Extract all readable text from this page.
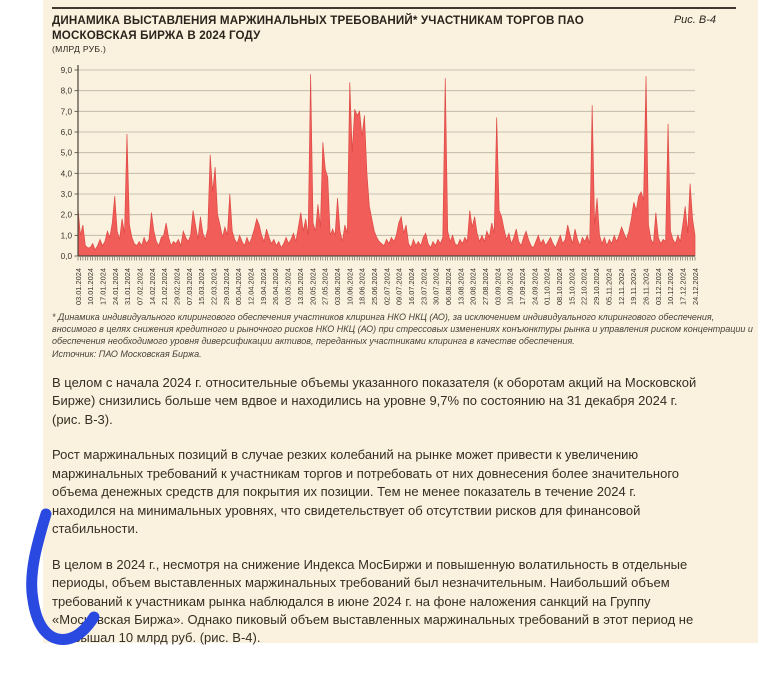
ДИНАМИКА ВЫСТАВЛЕНИЯ МАРЖИНАЛЬНЫХ ТРЕБОВАНИЙ* УЧАСТНИКАМ ТОРГОВ ПАО МОСКОВСКАЯ БИРЖА В 2024 ГОДУ
Рис. В-4
(МЛРД РУБ.)
0,0
1,0
2,0
3,0
4,0
5,0
6,0
7,0
8,0
9,0
03.01.2024 10.01.2024 17.01.2024 24.01.2024 31.01.2024 07.02.2024 14.02.2024 21.02.2024 29.02.2024 07.03.2024 15.03.2024 22.03.2024 29.03.2024 05.04.2024 12.04.2024 19.04.2024 26.04.2024 03.05.2024 13.05.2024 20.05.2024 27.05.2024 03.06.2024 10.06.2024 18.06.2024 25.06.2024 02.07.2024 09.07.2024 16.07.2024 23.07.2024 30.07.2024 06.08.2024 13.08.2024 20.08.2024 27.08.2024 03.09.2024 10.09.2024 17.09.2024 24.09.2024 01.10.2024 08.10.2024 15.10.2024 22.10.2024 29.10.2024 05.11.2024 12.11.2024 19.11.2024 26.11.2024 03.12.2024 10.12.2024 17.12.2024 24.12.2024
* Динамика индивидуального клирингового обеспечения участников клиринга НКО НКЦ (АО), за исключением индивидуального клирингового обеспечения, вносимого в целях снижения кредитного и рыночного рисков НКО НКЦ (АО) при стрессовых изменениях конъюнктуры рынка и управления риском концентрации и обеспечения необходимого уровня диверсификации активов, переданных участниками клиринга в качестве обеспечения.
Источник: ПАО Московская Биржа.

В целом с начала 2024 г. относительные объемы указанного показателя (к оборотам акций на Московской Бирже) снизились больше чем вдвое и находились на уровне 9,7% по состоянию на 31 декабря 2024 г. (рис. В-3).

Рост маржинальных позиций в случае резких колебаний на рынке может привести к увеличению маржинальных требований к участникам торгов и потребовать от них довнесения более значительного объема денежных средств для покрытия их позиции. Тем не менее показатель в течение 2024 г. находился на минимальных уровнях, что свидетельствует об отсутствии рисков для финансовой стабильности.

В целом в 2024 г., несмотря на снижение Индекса МосБиржи и повышенную волатильность в отдельные периоды, объем выставленных маржинальных требований был незначительным. Наибольший объем требований к участникам рынка наблюдался в июне 2024 г. на фоне наложения санкций на Группу «Московская Биржа». Однако пиковый объем выставленных маржинальных требований в этот период не превышал 10 млрд руб. (рис. В-4).
